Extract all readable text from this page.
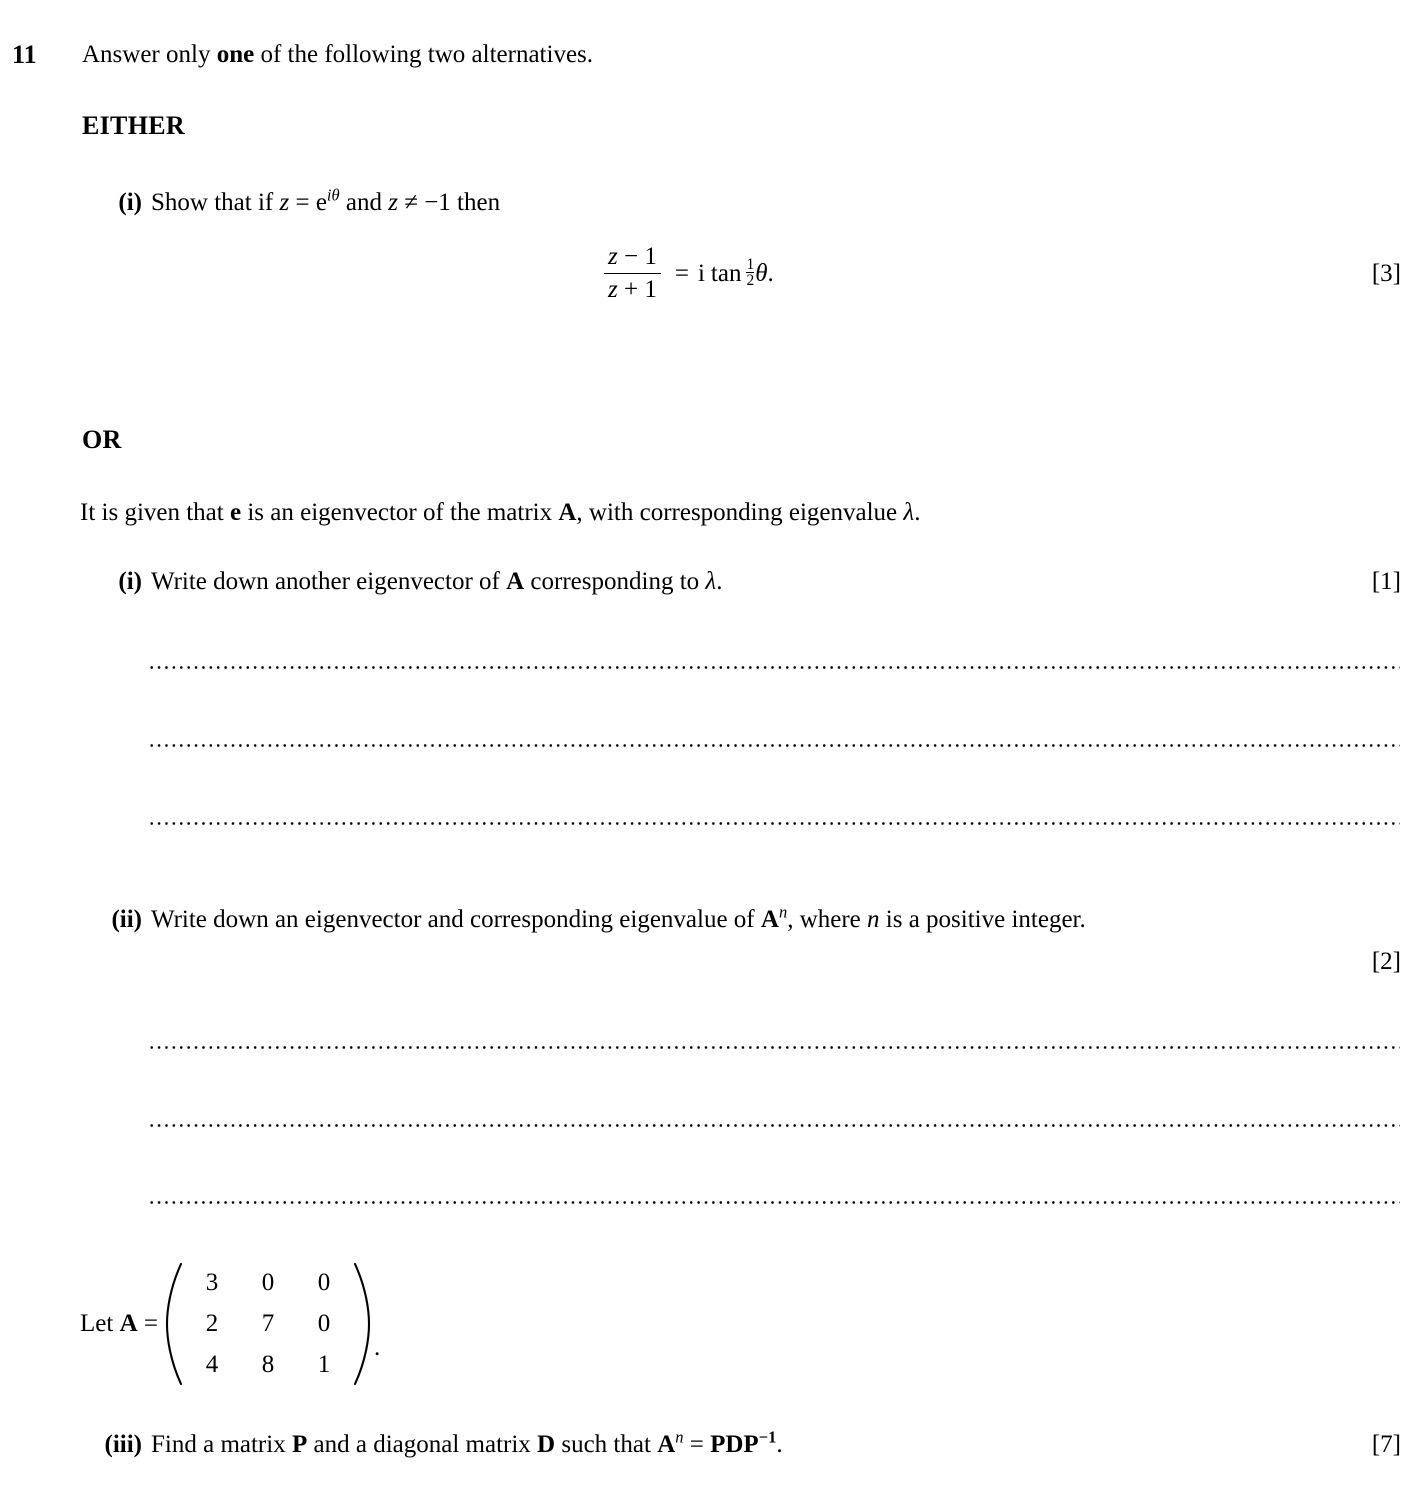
11 Answer only one of the following two alternatives.
EITHER
(i) Show that if $z = e^{i\theta}$ and z ≠ −1 then
[3]
$\frac{z - 1}{z + 1} = i$ tan 1
2 θ .
OR
It is given that e is an eigenvector of the matrix A, with corresponding eigenvalue λ.
(i) Write down another eigenvector of A corresponding to λ.	[1]
(ii) Write down an eigenvector and corresponding eigenvalue of $A^n$, where n is a positive integer.
[2]
Let A =
3 0 0
2 7 0
4 8 1
.
(iii) Find a matrix P and a diagonal matrix D such that $A^n = PDP^{-1}$.	[7]
